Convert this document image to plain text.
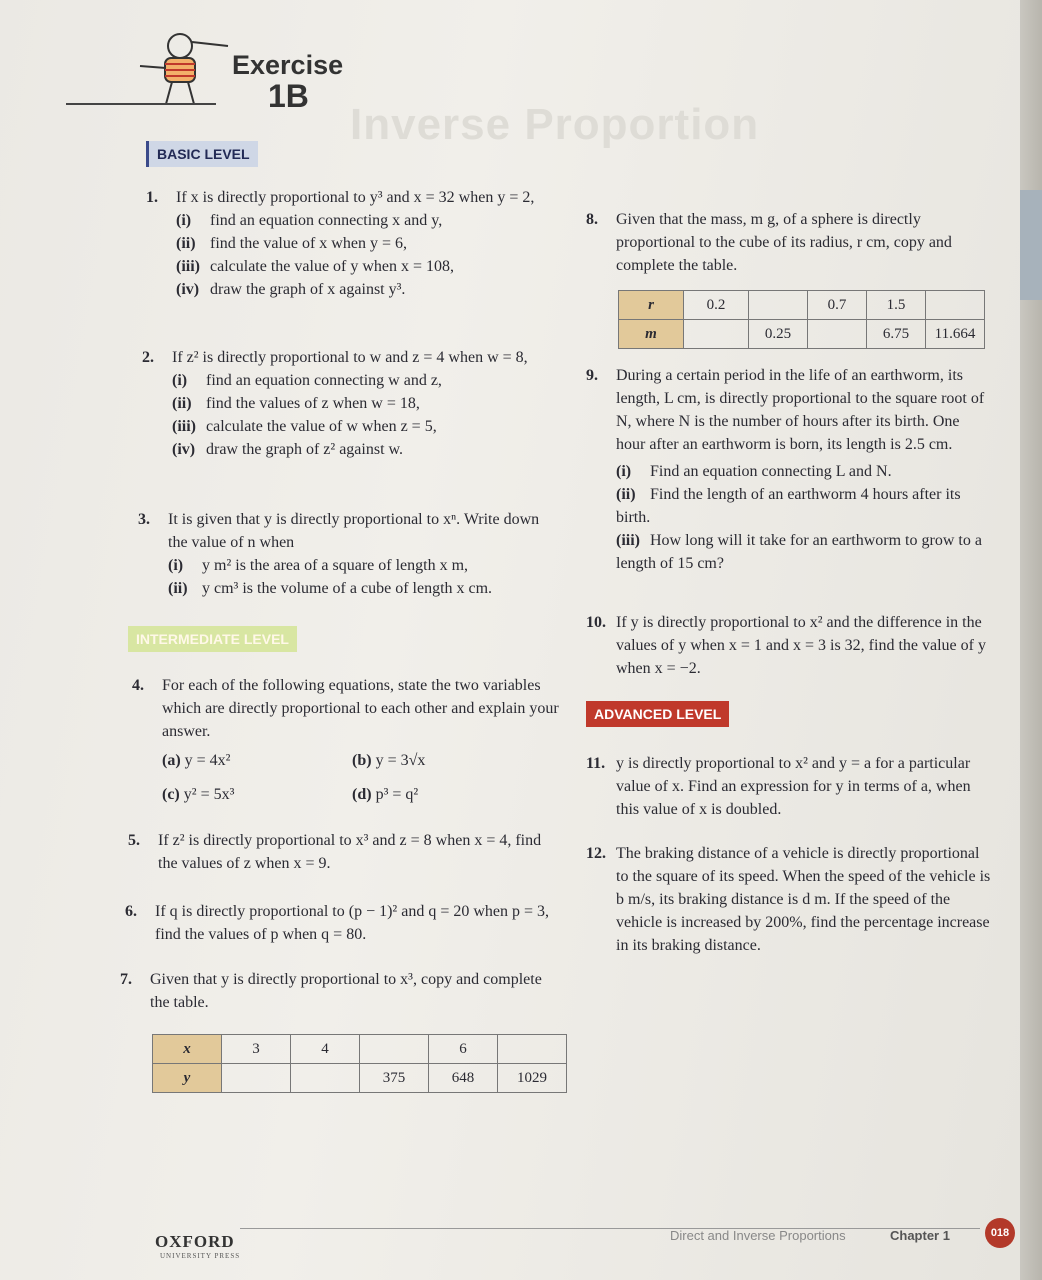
Inverse Proportion
Exercise
1B
BASIC LEVEL
INTERMEDIATE LEVEL
ADVANCED LEVEL
1. If x is directly proportional to y³ and x = 32 when y = 2,
(i) find an equation connecting x and y,
(ii) find the value of x when y = 6,
(iii) calculate the value of y when x = 108,
(iv) draw the graph of x against y³.
2. If z² is directly proportional to w and z = 4 when w = 8,
(i) find an equation connecting w and z,
(ii) find the values of z when w = 18,
(iii) calculate the value of w when z = 5,
(iv) draw the graph of z² against w.
3. It is given that y is directly proportional to xⁿ. Write down the value of n when
(i) y m² is the area of a square of length x m,
(ii) y cm³ is the volume of a cube of length x cm.
4. For each of the following equations, state the two variables which are directly proportional to each other and explain your answer.
(a) y = 4x²	(b) y = 3√x
(c) y² = 5x³	(d) p³ = q²
5. If z² is directly proportional to x³ and z = 8 when x = 4, find the values of z when x = 9.
6. If q is directly proportional to (p − 1)² and q = 20 when p = 3, find the values of p when q = 80.
7. Given that y is directly proportional to x³, copy and complete the table.
x	3	4		6	
y			375	648	1029
8. Given that the mass, m g, of a sphere is directly proportional to the cube of its radius, r cm, copy and complete the table.
r	0.2		0.7	1.5	
m		0.25		6.75	11.664
9. During a certain period in the life of an earthworm, its length, L cm, is directly proportional to the square root of N, where N is the number of hours after its birth. One hour after an earthworm is born, its length is 2.5 cm.
(i) Find an equation connecting L and N.
(ii) Find the length of an earthworm 4 hours after its birth.
(iii) How long will it take for an earthworm to grow to a length of 15 cm?
10. If y is directly proportional to x² and the difference in the values of y when x = 1 and x = 3 is 32, find the value of y when x = −2.
11. y is directly proportional to x² and y = a for a particular value of x. Find an expression for y in terms of a, when this value of x is doubled.
12. The braking distance of a vehicle is directly proportional to the square of its speed. When the speed of the vehicle is b m/s, its braking distance is d m. If the speed of the vehicle is increased by 200%, find the percentage increase in its braking distance.
OXFORD
UNIVERSITY PRESS
Direct and Inverse Proportions	Chapter 1	018
